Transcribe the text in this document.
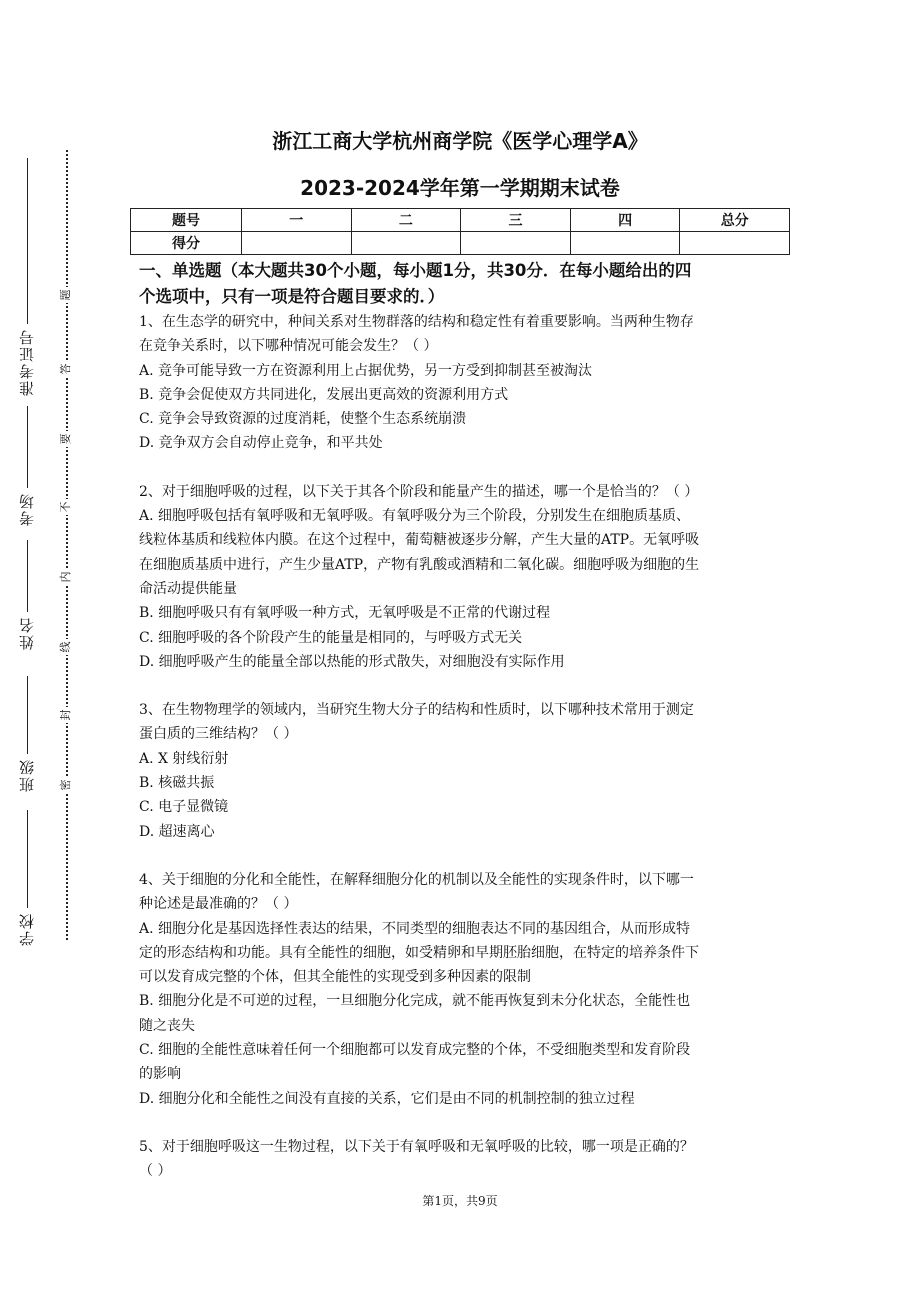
准考证号
考场
姓名
班级
学校
题
答
要
不
内
线
封
密
浙江工商大学杭州商学院《医学心理学A》
2023-2024学年第一学期期末试卷
题号	一	二	三	四	总分
得分					
一、单选题（本大题共30个小题，每小题1分，共30分．在每小题给出的四
个选项中，只有一项是符合题目要求的．）
1、在生态学的研究中，种间关系对生物群落的结构和稳定性有着重要影响。当两种生物存
在竞争关系时，以下哪种情况可能会发生？（ ）
A. 竞争可能导致一方在资源利用上占据优势，另一方受到抑制甚至被淘汰
B. 竞争会促使双方共同进化，发展出更高效的资源利用方式
C. 竞争会导致资源的过度消耗，使整个生态系统崩溃
D. 竞争双方会自动停止竞争，和平共处
2、对于细胞呼吸的过程，以下关于其各个阶段和能量产生的描述，哪一个是恰当的？（ ）
A. 细胞呼吸包括有氧呼吸和无氧呼吸。有氧呼吸分为三个阶段，分别发生在细胞质基质、
线粒体基质和线粒体内膜。在这个过程中，葡萄糖被逐步分解，产生大量的ATP。无氧呼吸
在细胞质基质中进行，产生少量ATP，产物有乳酸或酒精和二氧化碳。细胞呼吸为细胞的生
命活动提供能量
B. 细胞呼吸只有有氧呼吸一种方式，无氧呼吸是不正常的代谢过程
C. 细胞呼吸的各个阶段产生的能量是相同的，与呼吸方式无关
D. 细胞呼吸产生的能量全部以热能的形式散失，对细胞没有实际作用
3、在生物物理学的领域内，当研究生物大分子的结构和性质时，以下哪种技术常用于测定
蛋白质的三维结构？（ ）
A. X 射线衍射
B. 核磁共振
C. 电子显微镜
D. 超速离心
4、关于细胞的分化和全能性，在解释细胞分化的机制以及全能性的实现条件时，以下哪一
种论述是最准确的？（ ）
A. 细胞分化是基因选择性表达的结果，不同类型的细胞表达不同的基因组合，从而形成特
定的形态结构和功能。具有全能性的细胞，如受精卵和早期胚胎细胞，在特定的培养条件下
可以发育成完整的个体，但其全能性的实现受到多种因素的限制
B. 细胞分化是不可逆的过程，一旦细胞分化完成，就不能再恢复到未分化状态，全能性也
随之丧失
C. 细胞的全能性意味着任何一个细胞都可以发育成完整的个体，不受细胞类型和发育阶段
的影响
D. 细胞分化和全能性之间没有直接的关系，它们是由不同的机制控制的独立过程
5、对于细胞呼吸这一生物过程，以下关于有氧呼吸和无氧呼吸的比较，哪一项是正确的？
（ ）
第1页，共9页
